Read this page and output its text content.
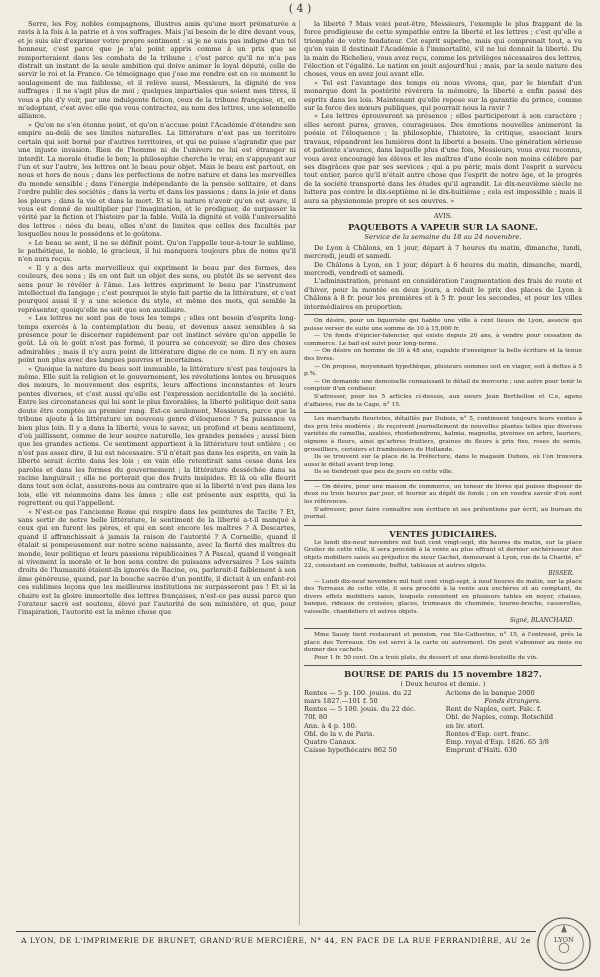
( 4 )

Serre, les Foy, nobles compagnons, illustres amis qu'une mort prématurée a ravis à la fois à la patrie et à vos suffrages. Mais j'ai besoin de le dire devant vous, et je suis sûr d'exprimer votre propre sentiment : si je ne suis pas indigne d'un tel honneur, c'est parce que je n'ai point appris comme à un prix que se remporteraient dans les combats de la tribune ; c'est parce qu'il ne m'a pas distrait un instant de la seule ambition qui doive animer le loyal député, celle de servir le roi et la France. Ce témoignage que j'ose me rendre est en ce moment le soulagement de ma faiblesse, et il relève aussi, Messieurs, la dignité de vos suffrages : il ne s'agit plus de moi ; quelques impartiales que soient mes titres, il vous a plu d'y voir, par une indulgente fiction, ceux de la tribune française, et, en m'adoptant, c'est avec elle que vous contractez, au nom des lettres, une solennelle alliance.

« Qu'on ne s'en étonne point, et qu'on n'accuse point l'Académie d'étendre son empire au-delà de ses limites naturelles. La littérature n'est pas un territoire certain qui soit borné par d'autres territoires, et qui ne puisse s'agrandir que par une injuste invasion. Rien de l'homme ni de l'univers ne lui est étranger ni interdit. La morale étudie le bon; la philosophie cherche le vrai; en s'appuyant sur l'un et sur l'autre, les lettres ont le beau pour objet. Mais le beau est partout, en nous et hors de nous ; dans les perfections de notre nature et dans les merveilles du monde sensible ; dans l'énergie indépendante de la pensée solitaire, et dans l'ordre public des sociétés ; dans la vertu et dans les passions ; dans la joie et dans les pleurs ; dans la vie et dans la mort. Et si la nature n'avoir qu'en est avare, il vous est donné de multiplier par l'imagination, et le prodiguer, de surpasser la vérité par la fiction et l'histoire par la fable. Voilà la dignité et voilà l'universalité des lettres : nées du beau, elles n'ont de limites que celles des facultés par lesquelles nous le possédons et le goûtons.

« Le beau se sent, il ne se définit point. Qu'on l'appelle tour-à-tour le sublime, le pathétique, le noble, le gracieux, il lui manquera toujours plus de noms qu'il n'en aura reçus.

« Il y a des arts merveilleux qui expriment le beau par des formes, des couleurs, des sons ; ils en ont fait un objet des sens, ou plutôt ils se servent des sens pour le révéler à l'âme. Les lettres expriment le beau par l'instrument intellectuel du langage ; c'est pourquoi le style fait partie de la littérature, et c'est pourquoi aussi il y a une science du style, et même des mots, qui semble la représenter, quoiqu'elle ne soit que son auxiliaire.

« Les lettres ne sont pas de tous les temps ; elles ont besoin d'esprits long-temps exercés à la contemplation du beau, et devenus assez sensibles à sa présence pour le discerner rapidement par cet instinct sévère qu'on appelle le goût. Là où le goût n'est pas formé, il pourra se concevoir, se dire des choses admirables ; mais il n'y aura point de littérature digne de ce nom. Il n'y en aura point non plus avec des langues pauvres et incertaines.

« Quoique la nature du beau soit immuable, la littérature n'est pas toujours la même. Elle suit la religion et le gouvernement, les révolutions lentes ou brusques des mœurs, le mouvement des esprits, leurs affections inconstantes et leurs pentes diverses, et c'est aussi qu'elle est l'expression accidentelle de la société. Entre les circonstances qui lui sont le plus favorables, la liberté politique doit sans doute être comptée au premier rang. Est-ce seulement, Messieurs, parce que la tribune ajoute à la littérature un nouveau genre d'éloquence ? Sa puissance va bien plus loin. Il y a dans la liberté, vous le savez, un profond et beau sentiment, d'où jaillissent, comme de leur source naturelle, les grandes pensées ; aussi bien que les grandes actions. Ce sentiment appartient à la littérature tout entière ; ce n'est pas assez dire, il lui est nécessaire. S'il n'était pas dans les esprits, en vain la liberté serait écrite dans les lois ; en vain elle retentirait sans cesse dans les paroles et dans les formes du gouvernement ; la littérature desséchée dans sa racine languirait ; elle ne porterait que des fruits insipides. Et là où elle fleurit dans tout son éclat, assurons-nous au contraire que si la liberté n'est pas dans les lois, elle vit néanmoins dans les âmes ; elle est présente aux esprits, qui la regrettent ou qui l'appellent.

« N'est-ce pas l'ancienne Rome qui respire dans les peintures de Tacite ? Et, sans sortir de notre belle littérature, le sentiment de la liberté a-t-il manqué à ceux qui en furent les pères, et qui en sont encore les maîtres ? A Descartes, quand il affranchissait à jamais la raison de l'autorité ? A Corneille, quand il étalait si pompeusement sur notre scène naissante, avec la fierté des maîtres du monde, leur politique et leurs passions républicaines ? A Pascal, quand il vengeait si vivement la morale et le bon sens contre de puissans adversaires ? Les saints droits de l'humanité étaient-ils ignorés de Racine, ou, parlerait-il faiblement à son âme généreuse, quand, par la bouche sacrée d'un pontife, il dictait à un enfant-roi ces sublimes leçons que les meilleures institutions ne surpasseront pas ! Et si la chaire est la gloire immortelle des lettres françaises, n'est-ce pas aussi parce que l'orateur sacré est soutenu, élevé par l'autorité de son ministère, et que, pour l'inspiration, l'autorité est la même chose que

la liberté ? Mais voici peut-être, Messieurs, l'exemple le plus frappant de la force prodigieuse de cette sympathie entre la liberté et les lettres ; c'est qu'elle a triomphé de votre fondateur. Cet esprit superbe, mais qui comprenait tout, a vu qu'en vain il destinait l'Académie à l'immortalité, s'il ne lui donnait la liberté. Du la main de Richelieu, vous avez reçu, comme les privilèges nécessaires des lettres, l'élection et l'égalité. Le nation en jouit aujourd'hui ; mais, par la seule nature des choses, vous en avez joui avant elle.

« Tel est l'avantage des temps où nous vivons, que, par le bienfait d'un monarque dont la postérité révérera la mémoire, la liberté a enfin passé des esprits dans les lois. Maintenant qu'elle repose sur la garantie du prince, comme sur la force des mœurs publiques, qui pourrait nous la ravir ?

« Les lettres éprouveront sa présence ; elles participeront à son caractère ; elles seront pures, graves, courageuses. Des émotions nouvelles animeront la poésie et l'éloquence ; la philosophie, l'histoire, la critique, associant leurs travaux, répandront les lumières dont la liberté a besoin. Une génération sérieuse et patiente s'avance, dans laquelle plus d'une fois, Messieurs, vous avez reconnu, vous avez encouragé les élèves et les maîtres d'une école non moins célèbre par ses disgrâces que par ses services ; qui a pu périr, mais dont l'esprit a survécu tout entier, parce qu'il n'était autre chose que l'esprit de notre âge, et le progrès de la société transporté dans les études qu'il agrandit. Le dix-neuvième siècle ne luttera pas contre le dix-septième ni le dix-huitième ; cela est impossible ; mais il aura sa physionomie propre et ses œuvres. »

AVIS.
PAQUEBOTS A VAPEUR SUR LA SAONE.
Service de la semaine du 18 au 24 novembre.

De Lyon à Châlons, en 1 jour, départ à 7 heures du matin, dimanche, lundi, mercredi, jeudi et samedi.

De Châlons à Lyon, en 1 jour, départ à 6 heures du matin, dimanche, mardi, mercredi, vendredi et samedi.

L'administration, prenant en considération l'augmentation des frais de route et d'hiver, pour la montée en deux jours, a réduit le prix des places de Lyon à Châlons à 8 fr. pour les premières et à 5 fr. pour les secondes, et pour les villes intermédiaires en proportion.

On désire, pour un liquoriste qui habite une ville à cent lieues de Lyon, associé qui puisse verser de suite une somme de 10 à 15,000 fr.

— Un fonds d'épicier-faïencier, qui existe depuis 20 ans, à vendre pour cessation de commerce. Le bail est suivi pour long-terme.

— On désire un homme de 30 à 48 ans, capable d'enseigner la belle écriture et la tenue des livres.

— On propose, moyennant hypothèque, plusieurs sommes soit en viager, soit à dettes à 5 p.%.

— On demande une demoiselle connaissant le détail de mercerie ; une autre pour tenir le comptoir d'un confiseur.

S'adresser, pour les 5 articles ci-dessus, aux sieurs Jean Berthollon et C.e, agens d'affaires, rue de la Cage, n° 15.

Les marchands fleuristes, détaillés par Dubois, n° 5, continuent toujours leurs ventes à des prix très modérés ; ils reçoivent journellement de nouvelles plantes telles que diverses variétés de camellia, azalées, rhododendrons, kalmia, magnolia, pivoines en arbre, lauriers, oignons à fleurs, ainsi qu'arbres fruitiers, graines de fleurs à prix fixe, roses de semis, groseilliers, cerisiers et framboisiers de Hollande.

Ils se trouvent sur la place de la Préfecture, dans le magasin Dubois, où l'on trouvera aussi le détail avant trop long.

Ils se tiendront que peu de jours en cette ville.

— On désire, pour une maison de commerce, un teneur de livres qui puisse disposer de deux ou trois heures par jour, et fournir au dépôt de fonds ; on en voudra savoir d'où sont les références.

S'adresser, pour faire connaître son écriture et ses prétentions par écrit, au bureau du journal.

VENTES JUDICIAIRES.

Le lundi dix-neuf novembre mil huit cent vingt-sept, dix heures du matin, sur la place Grolier de cette ville, il sera procédé à la vente au plus offrant et dernier enchérisseur des objets mobiliers saisis au préjudice du sieur Gachet, demeurant à Lyon, rue de la Charité, n° 22, consistant en commode, buffet, tableaux et autres objets.

BISSER.

— Lundi dix-neuf novembre mil huit cent vingt-sept, à neuf heures du matin, sur la place des Terreaux de cette ville, il sera procédé à la vente aux enchères et au comptant, de divers effets mobiliers saisis, lesquels consistent en plusieurs tables en noyer, chaises, banque, rideaux de croisées, glaces, trumeaux de cheminée, tourne-broche, casserolles, vaisselle, chandeliers et autres objets.

Signé, BLANCHARD.

Mme Sauzy tient restaurant et pension, rue Ste-Catherine, n° 15, à l'entresol, près la place des Terreaux. On est servi à la carte ou autrement. On peut s'abonner au mois ou donner des cachets.

Pour 1 fr. 50 cent. On a trois plats, du dessert et une demi-bouteille de vin.

BOURSE DE PARIS du 15 novembre 1827.
( Deux heures et demie. )
Rentes — 5 p. 100. jouiss. du 22	Actions de la banque 2000
mars 1827.—101 f. 50	Fonds étrangers.
Rentes — 5 100. jouis. du 22 déc.	Rent de Naples, cert. Falc. f.
70f. 80	Obl. de Naples, comp. Rotschild
Ann. à 4 p. 100.	en liv. sterl.
Obl. de la v. de Paris.	Rentes d'Esp. cert. franc.
Quatre Canaux.	Emp. royal d'Esp. 1826. 65 3/8
Caisse hypothécaire 862 50	Emprunt d'Haïti. 630
A LYON, DE L'IMPRIMERIE DE BRUNET, GRAND'RUE MERCIÈRE, N° 44, EN FACE DE LA RUE FERRANDIÈRE, AU 2e	LYON
